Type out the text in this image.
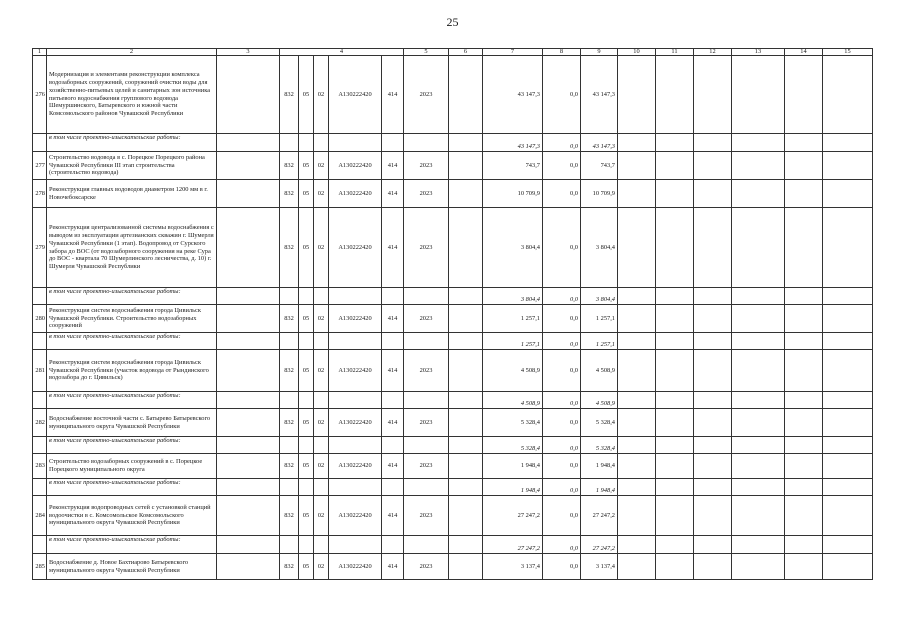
25
1	2	3	4					5	6	7	8	9	10	11	12	13	14	15
276	Модернизация и элементами реконструкции комплекса водозаборных сооружений, сооружений очистки воды для хозяйственно-питьевых целей и санитарных зон источника питьевого водоснабжения группового водовода Шемуршинского, Батыревского и южной части Комсомольского районов Чувашской Республики		832	05	02	А130222420	414	2023		43 147,3	0,0	43 147,3						
	в том числе проектно-изыскательские работы:									43 147,3	0,0	43 147,3						
277	Строительство водовода в с. Порецкое Порецкого района Чувашской Республики III этап строительства (строительство водовода)		832	05	02	А130222420	414	2023		743,7	0,0	743,7						
278	Реконструкция главных водоводов диаметром 1200 мм в г. Новочебоксарске		832	05	02	А130222420	414	2023		10 709,9	0,0	10 709,9						
279	Реконструкция централизованной системы водоснабжения с выводом из эксплуатации артезианских скважин г. Шумерля Чувашской Республики (1 этап). Водопровод от Сурского забора до ВОС (от водозаборного сооружения на реке Сура до ВОС - квартала 70 Шумерлинского лесничества, д. 10) г. Шумерля Чувашской Республики		832	05	02	А130222420	414	2023		3 804,4	0,0	3 804,4						
	в том числе проектно-изыскательские работы:									3 804,4	0,0	3 804,4						
280	Реконструкция систем водоснабжения города Цивильск Чувашской Республики. Строительство водозаборных сооружений		832	05	02	А130222420	414	2023		1 257,1	0,0	1 257,1						
	в том числе проектно-изыскательские работы:									1 257,1	0,0	1 257,1						
281	Реконструкция систем водоснабжения города Цивильск Чувашской Республики (участок водовода от Рындинского водозабора до г. Цивильск)		832	05	02	А130222420	414	2023		4 508,9	0,0	4 508,9						
	в том числе проектно-изыскательские работы:									4 508,9	0,0	4 508,9						
282	Водоснабжение восточной части с. Батырево Батыревского муниципального округа Чувашской Республики		832	05	02	А130222420	414	2023		5 328,4	0,0	5 328,4						
	в том числе проектно-изыскательские работы:									5 328,4	0,0	5 328,4						
283	Строительство водозаборных сооружений в с. Порецкое Порецкого муниципального округа		832	05	02	А130222420	414	2023		1 948,4	0,0	1 948,4						
	в том числе проектно-изыскательские работы:									1 948,4	0,0	1 948,4						
284	Реконструкция водопроводных сетей с установкой станций водоочистки в с. Комсомольское Комсомольского муниципального округа Чувашской Республики		832	05	02	А130222420	414	2023		27 247,2	0,0	27 247,2						
	в том числе проектно-изыскательские работы:									27 247,2	0,0	27 247,2						
285	Водоснабжение д. Новое Бахтиарово Батыревского муниципального округа Чувашской Республики		832	05	02	А130222420	414	2023		3 137,4	0,0	3 137,4						
